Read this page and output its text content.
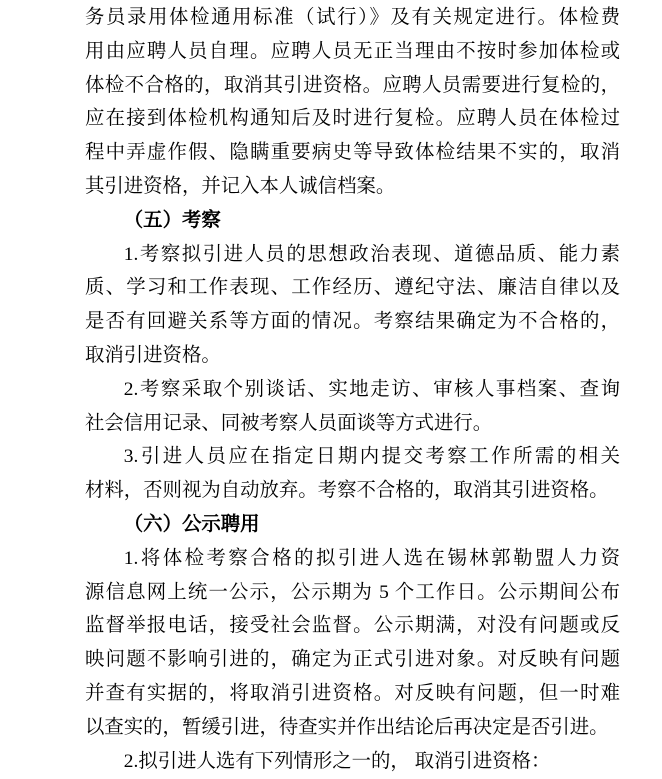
务员录用体检通用标准（试行）》及有关规定进行。体检费
用由应聘人员自理。应聘人员无正当理由不按时参加体检或
体检不合格的，取消其引进资格。应聘人员需要进行复检的，
应在接到体检机构通知后及时进行复检。应聘人员在体检过
程中弄虚作假、隐瞒重要病史等导致体检结果不实的，取消
其引进资格，并记入本人诚信档案。
（五）考察
1.考察拟引进人员的思想政治表现、道德品质、能力素
质、学习和工作表现、工作经历、遵纪守法、廉洁自律以及
是否有回避关系等方面的情况。考察结果确定为不合格的，
取消引进资格。
2.考察采取个别谈话、实地走访、审核人事档案、查询
社会信用记录、同被考察人员面谈等方式进行。
3.引进人员应在指定日期内提交考察工作所需的相关
材料，否则视为自动放弃。考察不合格的，取消其引进资格。
（六）公示聘用
1.将体检考察合格的拟引进人选在锡林郭勒盟人力资
源信息网上统一公示，公示期为 5 个工作日。公示期间公布
监督举报电话，接受社会监督。公示期满，对没有问题或反
映问题不影响引进的，确定为正式引进对象。对反映有问题
并查有实据的，将取消引进资格。对反映有问题，但一时难
以查实的，暂缓引进，待查实并作出结论后再决定是否引进。
2.拟引进人选有下列情形之一的， 取消引进资格：
